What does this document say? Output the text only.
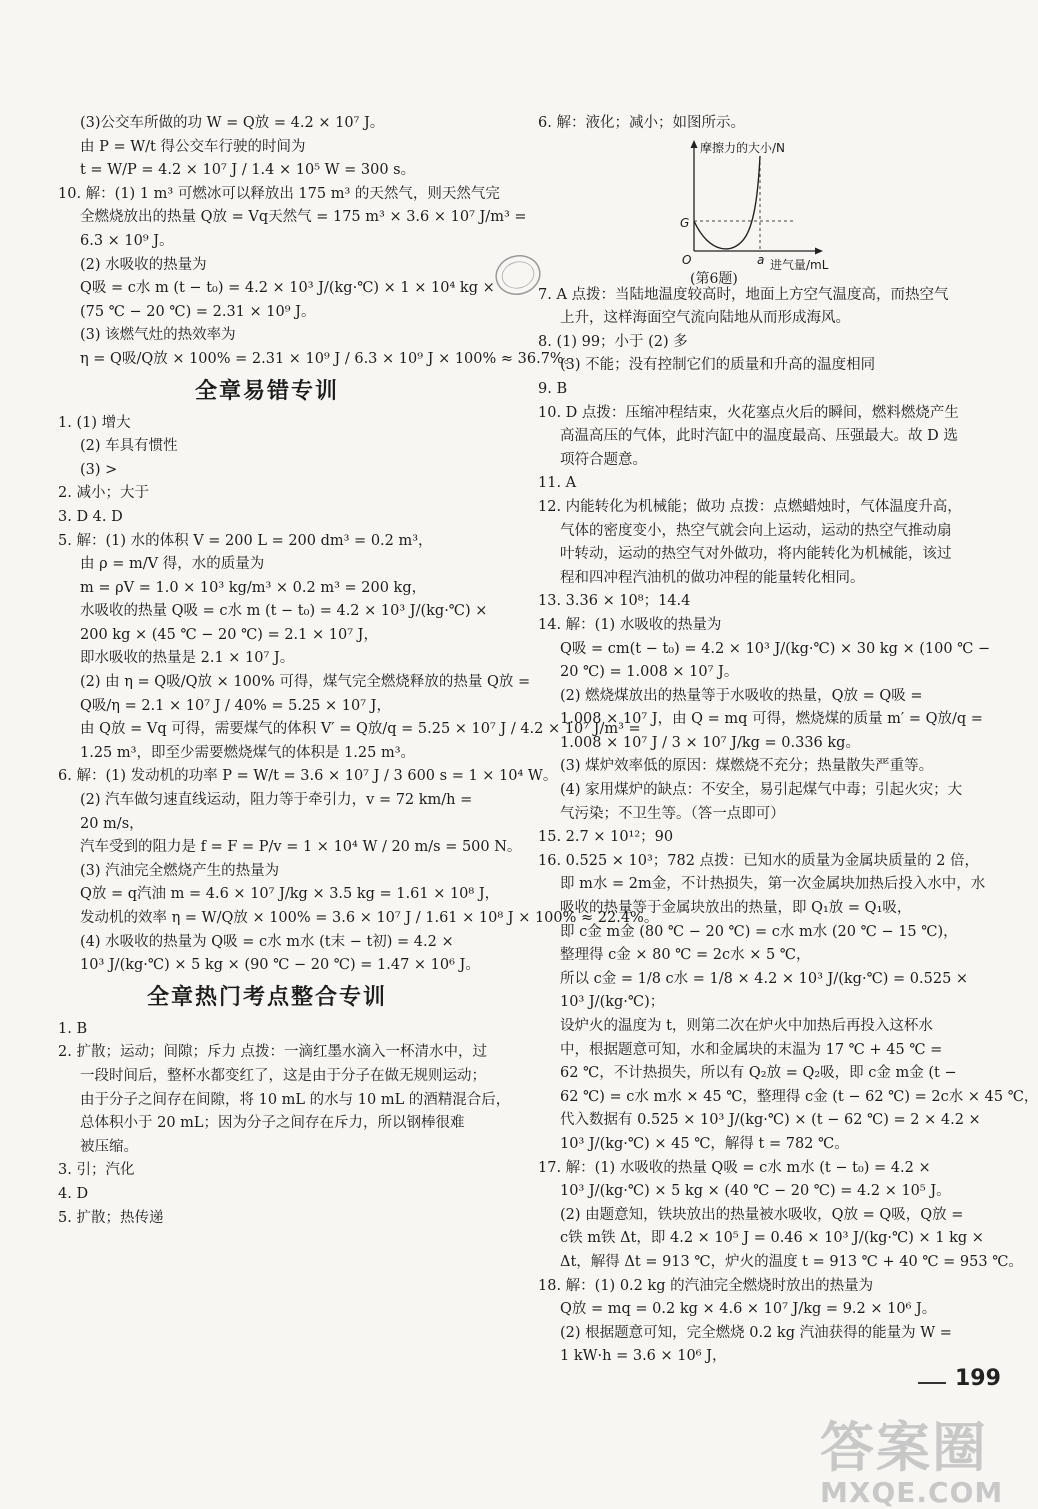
(3)公交车所做的功 W = Q放 = 4.2 × 10⁷ J。
由 P = W/t 得公交车行驶的时间为
t = W/P = 4.2 × 10⁷ J / 1.4 × 10⁵ W = 300 s。
10. 解：(1) 1 m³ 可燃冰可以释放出 175 m³ 的天然气，则天然气完
全燃烧放出的热量 Q放 = Vq天然气 = 175 m³ × 3.6 × 10⁷ J/m³ =
6.3 × 10⁹ J。
(2) 水吸收的热量为
Q吸 = c水 m (t − t₀) = 4.2 × 10³ J/(kg·℃) × 1 × 10⁴ kg ×
(75 ℃ − 20 ℃) = 2.31 × 10⁹ J。
(3) 该燃气灶的热效率为
η = Q吸/Q放 × 100% = 2.31 × 10⁹ J / 6.3 × 10⁹ J × 100% ≈ 36.7%。
全章易错专训
1. (1) 增大
(2) 车具有惯性
(3) >
2. 减小；大于
3. D 4. D
5. 解：(1) 水的体积 V = 200 L = 200 dm³ = 0.2 m³，
由 ρ = m/V 得，水的质量为
m = ρV = 1.0 × 10³ kg/m³ × 0.2 m³ = 200 kg，
水吸收的热量 Q吸 = c水 m (t − t₀) = 4.2 × 10³ J/(kg·℃) ×
200 kg × (45 ℃ − 20 ℃) = 2.1 × 10⁷ J，
即水吸收的热量是 2.1 × 10⁷ J。
(2) 由 η = Q吸/Q放 × 100% 可得，煤气完全燃烧释放的热量 Q放 =
Q吸/η = 2.1 × 10⁷ J / 40% = 5.25 × 10⁷ J，
由 Q放 = Vq 可得，需要煤气的体积 V′ = Q放/q = 5.25 × 10⁷ J / 4.2 × 10⁷ J/m³ =
1.25 m³，即至少需要燃烧煤气的体积是 1.25 m³。
6. 解：(1) 发动机的功率 P = W/t = 3.6 × 10⁷ J / 3 600 s = 1 × 10⁴ W。
(2) 汽车做匀速直线运动，阻力等于牵引力，v = 72 km/h =
20 m/s，
汽车受到的阻力是 f = F = P/v = 1 × 10⁴ W / 20 m/s = 500 N。
(3) 汽油完全燃烧产生的热量为
Q放 = q汽油 m = 4.6 × 10⁷ J/kg × 3.5 kg = 1.61 × 10⁸ J，
发动机的效率 η = W/Q放 × 100% = 3.6 × 10⁷ J / 1.61 × 10⁸ J × 100% ≈ 22.4%。
(4) 水吸收的热量为 Q吸 = c水 m水 (t末 − t初) = 4.2 ×
10³ J/(kg·℃) × 5 kg × (90 ℃ − 20 ℃) = 1.47 × 10⁶ J。
全章热门考点整合专训
1. B
2. 扩散；运动；间隙；斥力 点拨：一滴红墨水滴入一杯清水中，过
一段时间后，整杯水都变红了，这是由于分子在做无规则运动；
由于分子之间存在间隙，将 10 mL 的水与 10 mL 的酒精混合后，
总体积小于 20 mL；因为分子之间存在斥力，所以钢棒很难
被压缩。
3. 引；汽化
4. D
5. 扩散；热传递
6. 解：液化；减小；如图所示。
摩擦力的大小/N
G
O	a 进气量/mL
(第6题)
7. A 点拨：当陆地温度较高时，地面上方空气温度高，而热空气
上升，这样海面空气流向陆地从而形成海风。
8. (1) 99；小于 (2) 多
(3) 不能；没有控制它们的质量和升高的温度相同
9. B
10. D 点拨：压缩冲程结束，火花塞点火后的瞬间，燃料燃烧产生
高温高压的气体，此时汽缸中的温度最高、压强最大。故 D 选
项符合题意。
11. A
12. 内能转化为机械能；做功 点拨：点燃蜡烛时，气体温度升高，
气体的密度变小，热空气就会向上运动，运动的热空气推动扇
叶转动，运动的热空气对外做功，将内能转化为机械能，该过
程和四冲程汽油机的做功冲程的能量转化相同。
13. 3.36 × 10⁸；14.4
14. 解：(1) 水吸收的热量为
Q吸 = cm(t − t₀) = 4.2 × 10³ J/(kg·℃) × 30 kg × (100 ℃ −
20 ℃) = 1.008 × 10⁷ J。
(2) 燃烧煤放出的热量等于水吸收的热量，Q放 = Q吸 =
1.008 × 10⁷ J，由 Q = mq 可得，燃烧煤的质量 m′ = Q放/q =
1.008 × 10⁷ J / 3 × 10⁷ J/kg = 0.336 kg。
(3) 煤炉效率低的原因：煤燃烧不充分；热量散失严重等。
(4) 家用煤炉的缺点：不安全，易引起煤气中毒；引起火灾；大
气污染；不卫生等。（答一点即可）
15. 2.7 × 10¹²；90
16. 0.525 × 10³；782 点拨：已知水的质量为金属块质量的 2 倍，
即 m水 = 2m金，不计热损失，第一次金属块加热后投入水中，水
吸收的热量等于金属块放出的热量，即 Q₁放 = Q₁吸，
即 c金 m金 (80 ℃ − 20 ℃) = c水 m水 (20 ℃ − 15 ℃)，
整理得 c金 × 80 ℃ = 2c水 × 5 ℃，
所以 c金 = 1/8 c水 = 1/8 × 4.2 × 10³ J/(kg·℃) = 0.525 ×
10³ J/(kg·℃)；
设炉火的温度为 t，则第二次在炉火中加热后再投入这杯水
中，根据题意可知，水和金属块的末温为 17 ℃ + 45 ℃ =
62 ℃，不计热损失，所以有 Q₂放 = Q₂吸，即 c金 m金 (t −
62 ℃) = c水 m水 × 45 ℃，整理得 c金 (t − 62 ℃) = 2c水 × 45 ℃，
代入数据有 0.525 × 10³ J/(kg·℃) × (t − 62 ℃) = 2 × 4.2 ×
10³ J/(kg·℃) × 45 ℃，解得 t = 782 ℃。
17. 解：(1) 水吸收的热量 Q吸 = c水 m水 (t − t₀) = 4.2 ×
10³ J/(kg·℃) × 5 kg × (40 ℃ − 20 ℃) = 4.2 × 10⁵ J。
(2) 由题意知，铁块放出的热量被水吸收，Q放 = Q吸，Q放 =
c铁 m铁 Δt，即 4.2 × 10⁵ J = 0.46 × 10³ J/(kg·℃) × 1 kg ×
Δt，解得 Δt = 913 ℃，炉火的温度 t = 913 ℃ + 40 ℃ = 953 ℃。
18. 解：(1) 0.2 kg 的汽油完全燃烧时放出的热量为
Q放 = mq = 0.2 kg × 4.6 × 10⁷ J/kg = 9.2 × 10⁶ J。
(2) 根据题意可知，完全燃烧 0.2 kg 汽油获得的能量为 W =
1 kW·h = 3.6 × 10⁶ J，
199
答案圈
MXQE.COM
